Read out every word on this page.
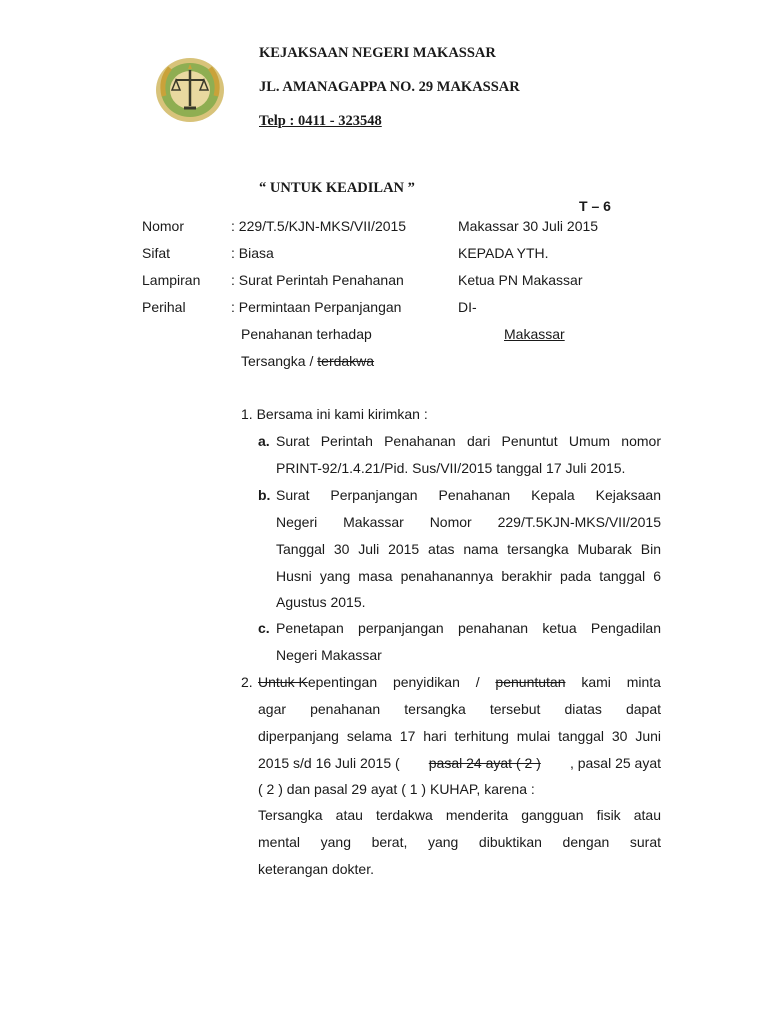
KEJAKSAAN NEGERI MAKASSAR
JL. AMANAGAPPA NO. 29 MAKASSAR
Telp : 0411 - 323548
“ UNTUK KEADILAN ”
T – 6
Nomor	: 229/T.5/KJN-MKS/VII/2015
Sifat	: Biasa
Lampiran : Surat Perintah Penahanan
Perihal	: Permintaan Perpanjangan
Penahanan terhadap
Tersangka / terdakwa
Makassar 30 Juli 2015
KEPADA YTH.
Ketua PN Makassar
DI-
Makassar
1. Bersama ini kami kirimkan :
a. Surat Perintah Penahanan dari Penuntut Umum nomor
PRINT-92/1.4.21/Pid. Sus/VII/2015 tanggal 17 Juli 2015.
b. Surat Perpanjangan Penahanan Kepala Kejaksaan
Negeri Makassar Nomor 229/T.5KJN-MKS/VII/2015
Tanggal 30 Juli 2015 atas nama tersangka Mubarak Bin
Husni yang masa penahanannya berakhir pada tanggal 6
Agustus 2015.
c. Penetapan perpanjangan penahanan ketua Pengadilan
Negeri Makassar
2. Untuk Kepentingan penyidikan / penuntutan kami minta
agar penahanan tersangka tersebut diatas dapat
diperpanjang selama 17 hari terhitung mulai tanggal 30 Juni
2015 s/d 16 Juli 2015 ( pasal 24 ayat ( 2 ) , pasal 25 ayat
( 2 ) dan pasal 29 ayat ( 1 ) KUHAP, karena :
Tersangka atau terdakwa menderita gangguan fisik atau
mental yang berat, yang dibuktikan dengan surat
keterangan dokter.
